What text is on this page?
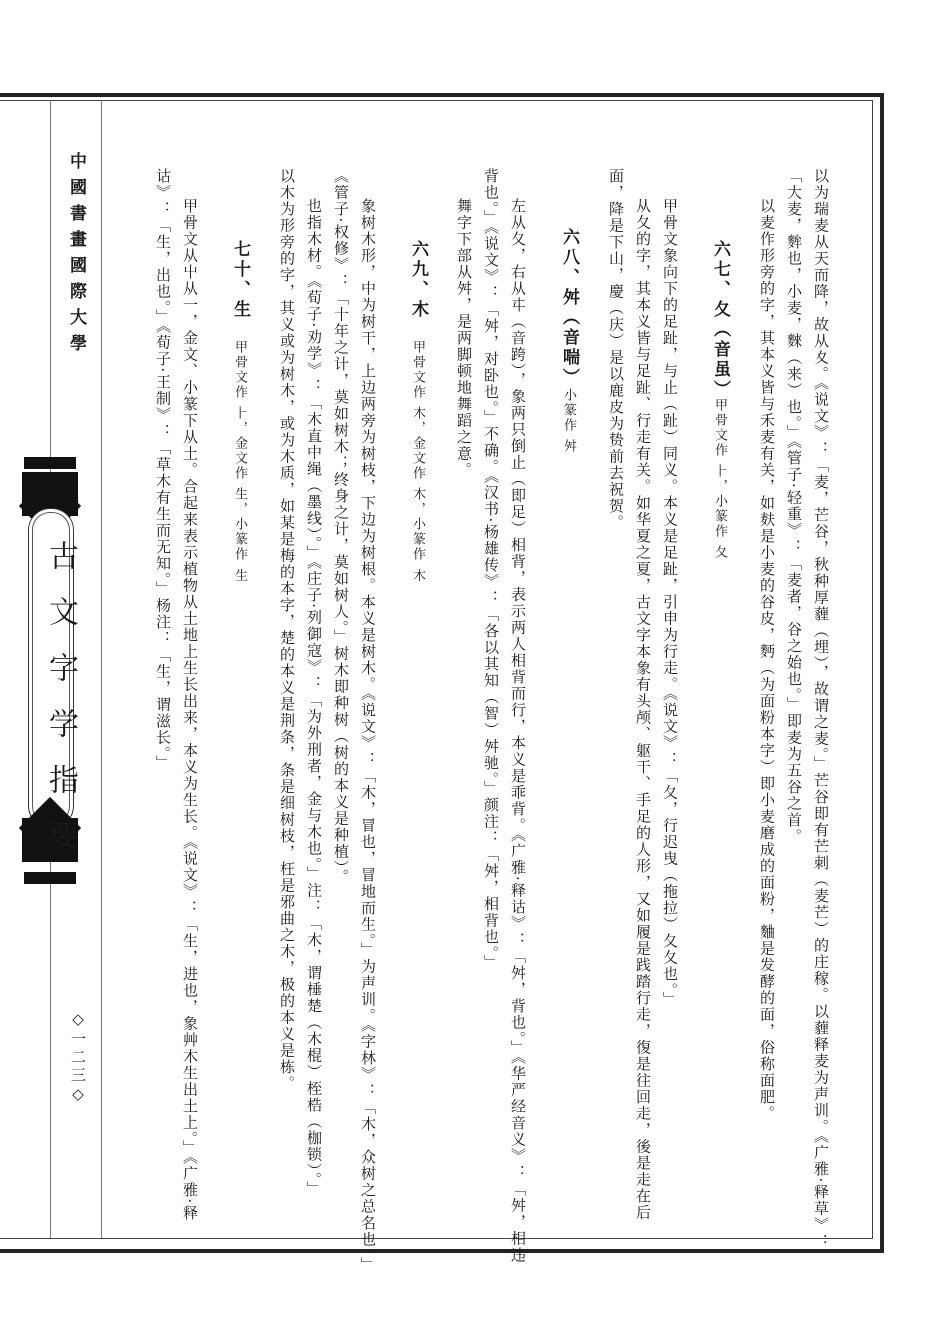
中國書畫國際大學
古文字学指要
◇一二三◇	以为瑞麦从天而降，故从夊。《说文》：「麦，芒谷，秋种厚薶（埋），故谓之麦。」芒谷即有芒刺（麦芒）的庄稼。以薶释麦为声训。《广雅·释草》：
「大麦，麰也，小麦，麳（来）也。」《管子·轻重》：「麦者，谷之始也。」即麦为五谷之首。
以麦作形旁的字，其本义皆与禾麦有关，如麸是小麦的谷皮，麪（为面粉本字）即小麦磨成的面粉，麯是发酵的面，俗称面肥。
六七、夂（音虽）
甲骨文作 ⺊，小篆作 夂
甲骨文象向下的足趾，与止（趾）同义。本义是足趾，引申为行走。《说文》：「夂，行迟曳（拖拉）夂夂也。」
从夂的字，其本义皆与足趾、行走有关。如华夏之夏，古文字本象有头颅、躯干、手足的人形，又如履是践踏行走，復是往回走，後是走在后
面，降是下山，慶（庆）是以鹿皮为贽前去祝贺。
六八、舛（音喘）
小篆作 舛
左从夂，右从㐄（音跨），象两只倒止（即足）相背，表示两人相背而行，本义是乖背。《广雅·释诂》：「舛，背也。」《华严经音义》：「舛，相违
背也。」《说文》：「舛，对卧也。」不确。《汉书·杨雄传》：「各以其知（智）舛驰。」颜注：「舛，相背也。」
舞字下部从舛，是两脚顿地舞蹈之意。
六九、木
甲骨文作 ⽊，金文作 木，小篆作 木
象树木形，中为树干，上边两旁为树枝，下边为树根。本义是树木。《说文》：「木，冒也，冒地而生。」为声训。《字林》：「木，众树之总名也。」
《管子·权修》：「十年之计，莫如树木；终身之计，莫如树人。」树木即种树（树的本义是种植）。
也指木材。《荀子·劝学》：「木直中绳（墨线）。」《庄子·列御寇》：「为外刑者，金与木也。」注：「木，谓棰楚（木棍）桎梏（枷锁）。」
以木为形旁的字，其义或为树木，或为木质，如某是梅的本字，楚的本义是荆条，条是细树枝，枉是邪曲之木，极的本义是栋。
七十、生
甲骨文作 ⺊，金文作 生，小篆作 生
甲骨文从屮从一，金文、小篆下从土。合起来表示植物从土地上生长出来，本义为生长。《说文》：「生，进也，象艸木生出土上。」《广雅·释
诂》：「生，出也。」《荀子·王制》：「草木有生而无知。」杨注：「生，谓滋长。」
